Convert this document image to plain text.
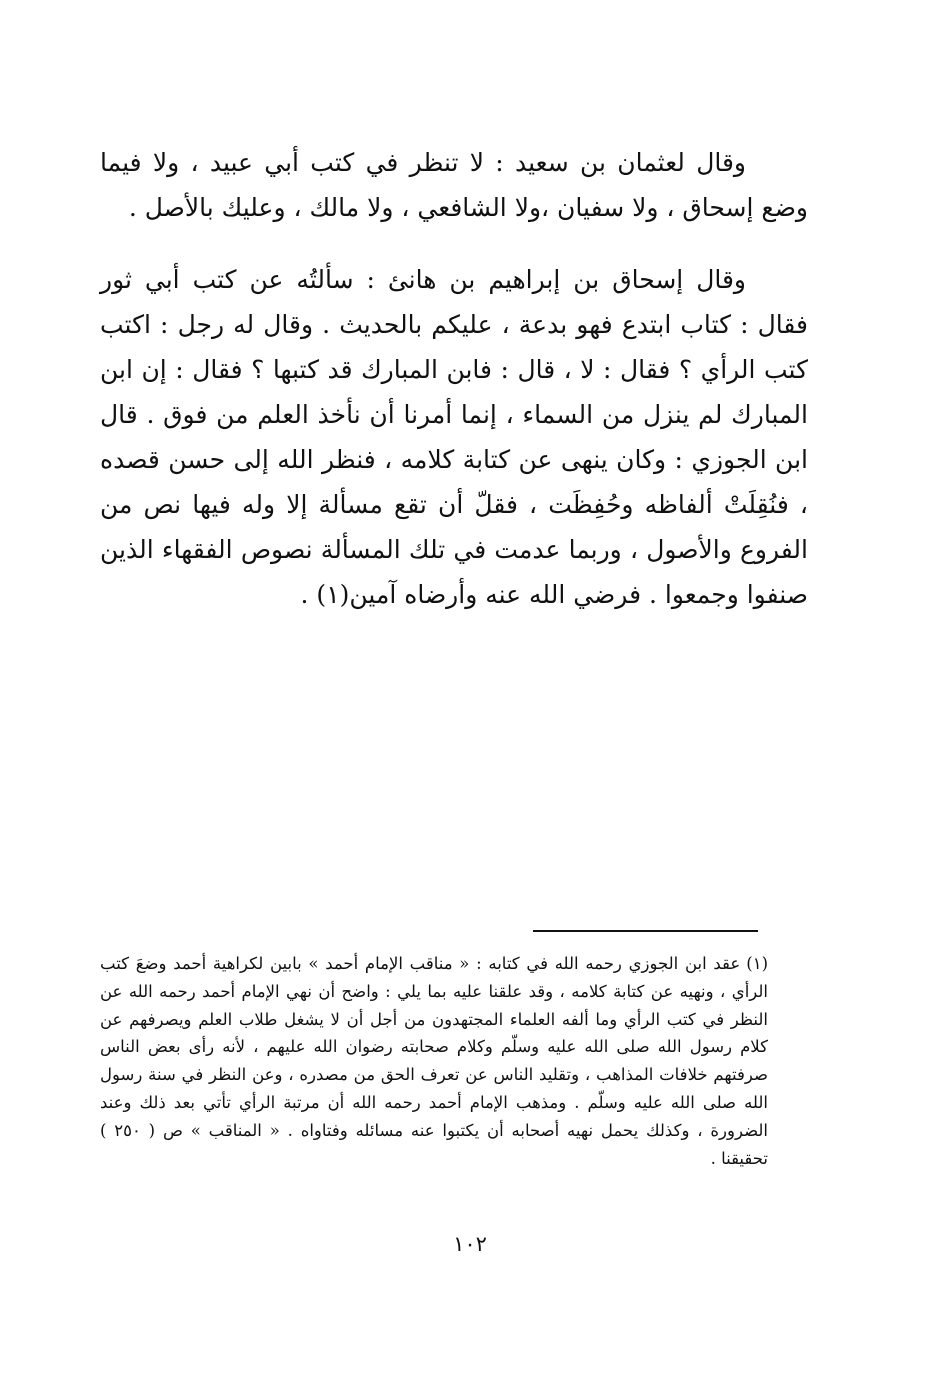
وقال لعثمان بن سعيد : لا تنظر في كتب أبي عبيد ، ولا فيما وضع إسحاق ، ولا سفيان ،ولا الشافعي ، ولا مالك ، وعليك بالأصل .

وقال إسحاق بن إبراهيم بن هانئ : سألتُه عن كتب أبي ثور فقال : كتاب ابتدع فهو بدعة ، عليكم بالحديث . وقال له رجل : اكتب كتب الرأي ؟ فقال : لا ، قال : فابن المبارك قد كتبها ؟ فقال : إن ابن المبارك لم ينزل من السماء ، إنما أمرنا أن نأخذ العلم من فوق . قال ابن الجوزي : وكان ينهى عن كتابة كلامه ، فنظر الله إلى حسن قصده ، فنُقِلَتْ ألفاظه وحُفِظَت ، فقلّ أن تقع مسألة إلا وله فيها نص من الفروع والأصول ، وربما عدمت في تلك المسألة نصوص الفقهاء الذين صنفوا وجمعوا . فرضي الله عنه وأرضاه آمين(١) .

(١)عقد ابن الجوزي رحمه الله في كتابه : « مناقب الإمام أحمد » بابين لكراهية أحمد وضعَ كتب الرأي ، ونهيه عن كتابة كلامه ، وقد علقنا عليه بما يلي : واضح أن نهي الإمام أحمد رحمه الله عن النظر في كتب الرأي وما ألفه العلماء المجتهدون من أجل أن لا يشغل طلاب العلم ويصرفهم عن كلام رسول الله صلى الله عليه وسلّم وكلام صحابته رضوان الله عليهم ، لأنه رأى بعض الناس صرفتهم خلافات المذاهب ، وتقليد الناس عن تعرف الحق من مصدره ، وعن النظر في سنة رسول الله صلى الله عليه وسلّم . ومذهب الإمام أحمد رحمه الله أن مرتبة الرأي تأتي بعد ذلك وعند الضرورة ، وكذلك يحمل نهيه أصحابه أن يكتبوا عنه مسائله وفتاواه . « المناقب » ص ( ٢٥٠ ) تحقيقنا .

١٠٢
